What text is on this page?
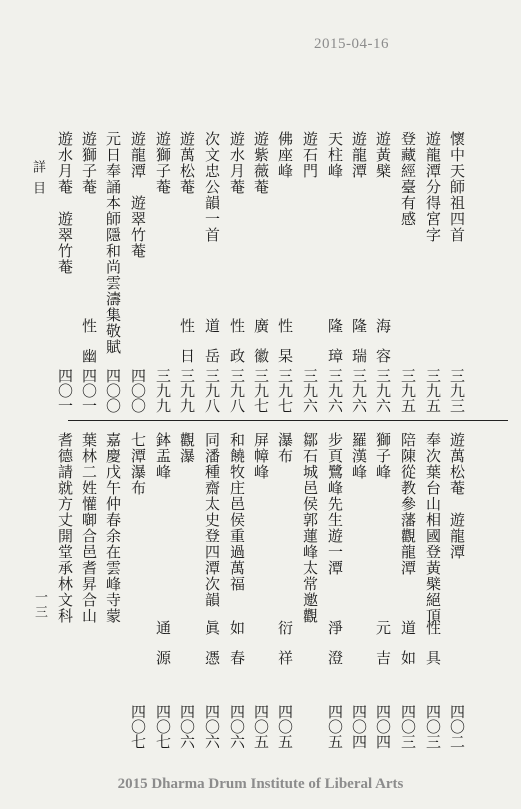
2015-04-16
詳目
一三
懷中天師祖四首
三九三
遊龍潭分得宮字
三九五
登藏經臺有感
三九五
遊黃檗
海　容
三九六
遊龍潭
隆　瑞
三九六
天柱峰
隆　璋
三九六
遊石門
三九六
佛座峰
性　杲
三九七
遊紫薇菴
廣　徽
三九七
遊水月菴
性　政
三九八
次文忠公韻一首
道　岳
三九八
遊萬松菴
性　日
三九九
遊獅子菴
三九九
遊龍潭　遊翠竹菴
四〇〇
元日奉誦本師隱和尚雲濤集敬賦
四〇〇
遊獅子菴
性　幽
四〇一
遊水月菴　遊翠竹菴
四〇一
遊萬松菴　遊龍潭
四〇二
奉次葉台山相國登黃檗絕頂
性　具
四〇三
陪陳從教參藩觀龍潭
道　如
四〇三
獅子峰
元　吉
四〇四
羅漢峰
四〇四
步頁鷺峰先生遊一潭
淨　澄
四〇五
鄒石城邑侯郭蓮峰太常邀觀
瀑布
衍　祥
四〇五
屏幛峰
四〇五
和饒牧庄邑侯重過萬福
如　春
四〇六
同潘種齋太史登四潭次韻
眞　憑
四〇六
觀瀑
四〇六
鉢盂峰
通　源
四〇七
七潭瀑布
四〇七
嘉慶戊午仲春余在雲峰寺蒙
葉林二姓懽啣合邑耆昇合山
耆德請就方丈開堂承林文科
2015 Dharma Drum Institute of Liberal Arts
